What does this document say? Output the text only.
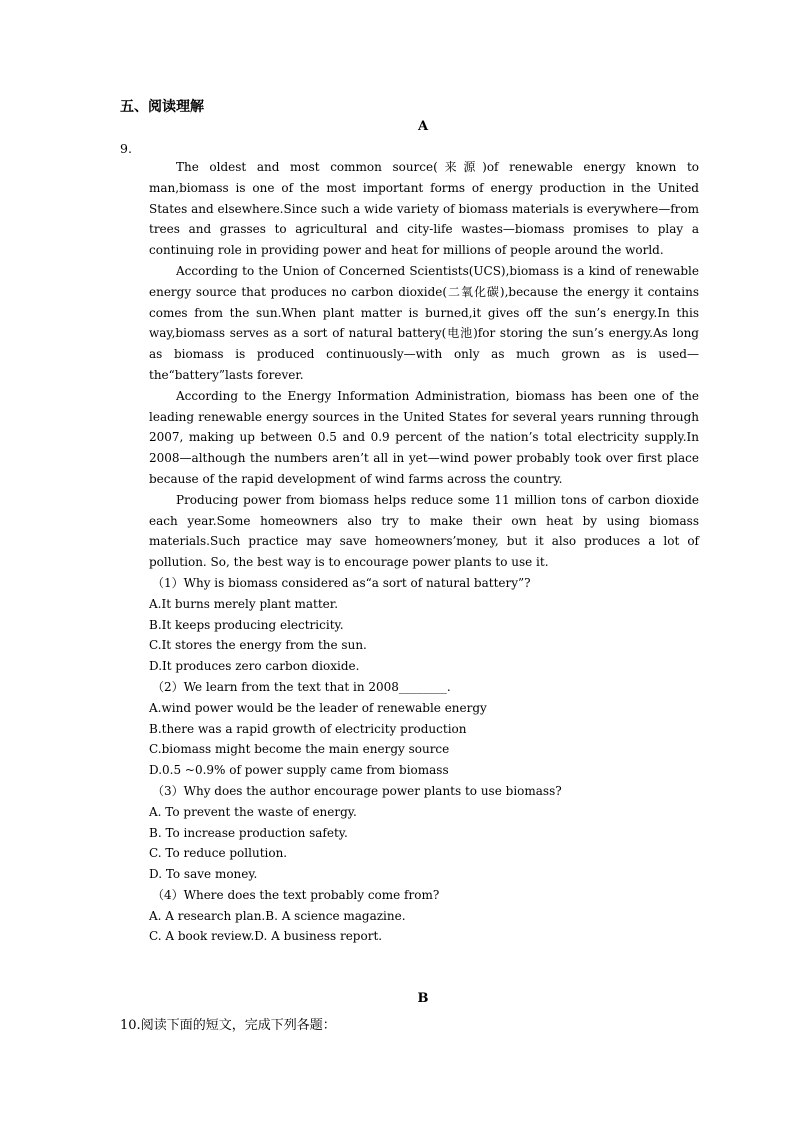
五、阅读理解
A
9.

The oldest and most common source(来源)of renewable energy known to man,biomass is one of the most important forms of energy production in the United States and elsewhere.Since such a wide variety of biomass materials is everywhere—from trees and grasses to agricultural and city-life wastes—biomass promises to play a continuing role in providing power and heat for millions of people around the world.

According to the Union of Concerned Scientists(UCS),biomass is a kind of renewable energy source that produces no carbon dioxide(二氧化碳),because the energy it contains comes from the sun.When plant matter is burned,it gives off the sun’s energy.In this way,biomass serves as a sort of natural battery(电池)for storing the sun’s energy.As long as biomass is produced continuously—with only as much grown as is used—the“battery”lasts forever.

According to the Energy Information Administration, biomass has been one of the leading renewable energy sources in the United States for several years running through 2007, making up between 0.5 and 0.9 percent of the nation’s total electricity supply.In 2008—although the numbers aren’t all in yet—wind power probably took over first place because of the rapid development of wind farms across the country.

Producing power from biomass helps reduce some 11 million tons of carbon dioxide each year.Some homeowners also try to make their own heat by using biomass materials.Such practice may save homeowners’money, but it also produces a lot of pollution. So, the best way is to encourage power plants to use it.

（1）Why is biomass considered as“a sort of natural battery”?

A.It burns merely plant matter.

B.It keeps producing electricity.

C.It stores the energy from the sun.

D.It produces zero carbon dioxide.

（2）We learn from the text that in 2008________.

A.wind power would be the leader of renewable energy

B.there was a rapid growth of electricity production

C.biomass might become the main energy source

D.0.5 ~0.9% of power supply came from biomass

（3）Why does the author encourage power plants to use biomass?

A. To prevent the waste of energy.

B. To increase production safety.

C. To reduce pollution.

D. To save money.

（4）Where does the text probably come from?

A. A research plan.B. A science magazine.

C. A book review.D. A business report.

B

10.阅读下面的短文，完成下列各题：
